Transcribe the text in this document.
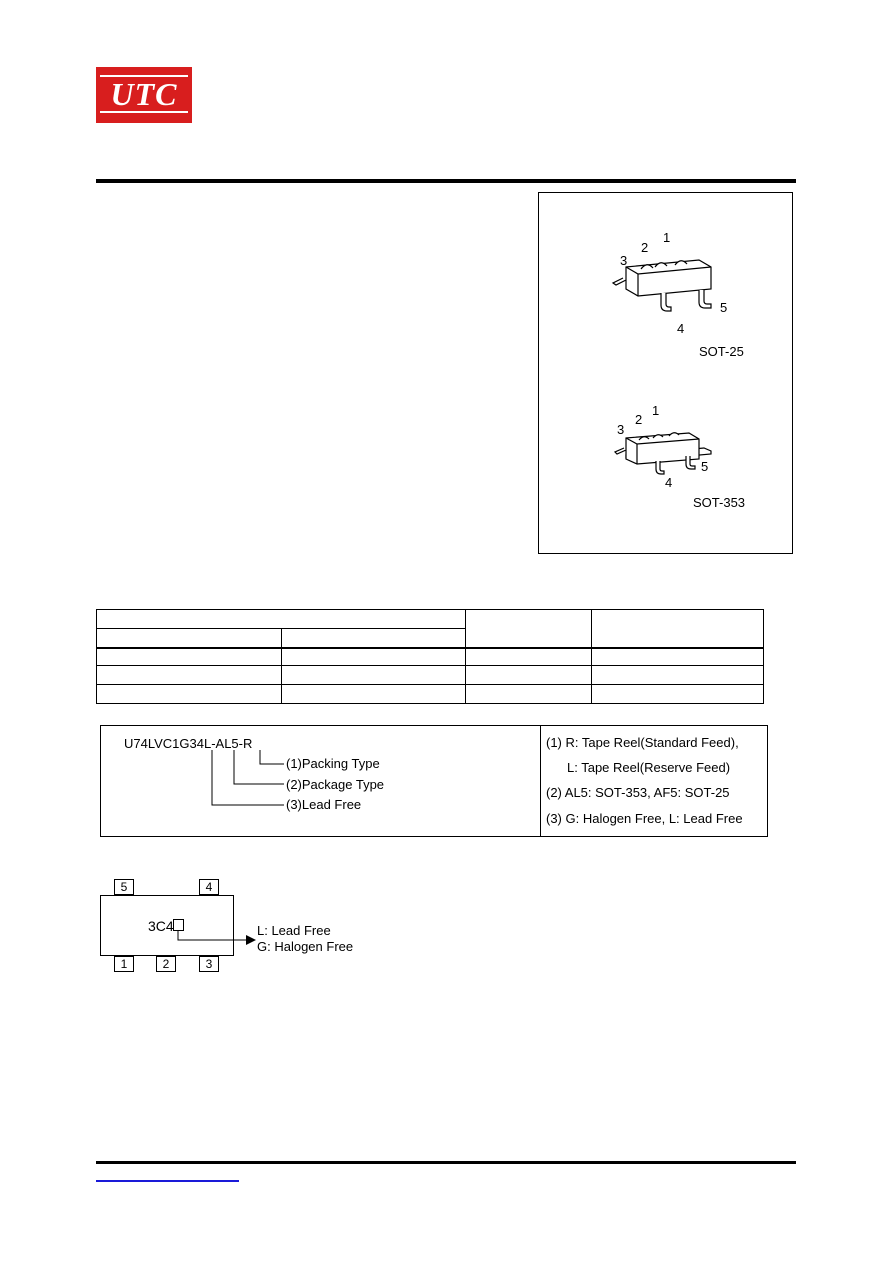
UTC
1
2
3
4
5
SOT-25
1
2
3
4
5
SOT-353

U74LVC1G34L-AL5-R
(1)Packing Type
(2)Package Type
(3)Lead Free
(1) R: Tape Reel(Standard Feed),
L: Tape Reel(Reserve Feed)
(2) AL5: SOT-353, AF5: SOT-25
(3) G: Halogen Free, L: Lead Free
5	4
1	2	3
3C4	L: Lead Free
G: Halogen Free
